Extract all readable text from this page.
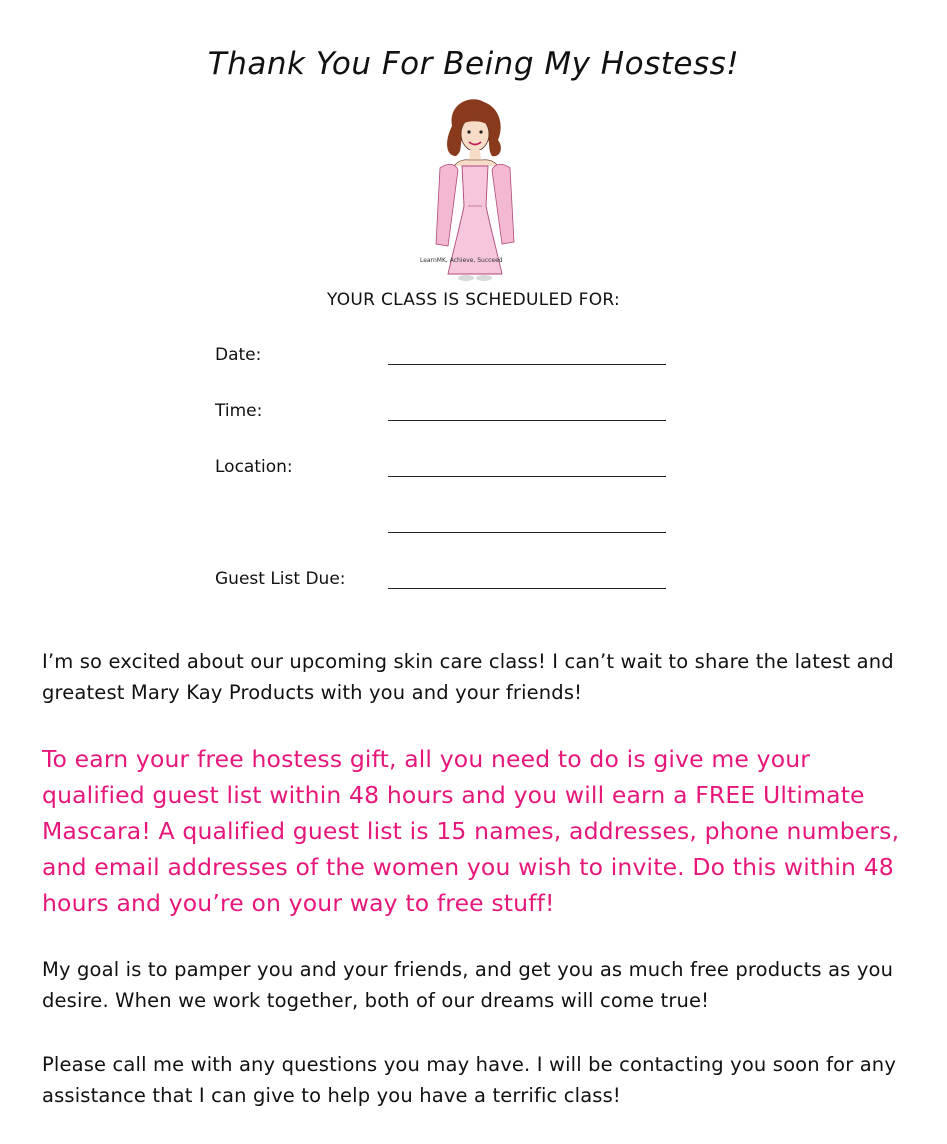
Thank You For Being My Hostess!
LearnMK, Achieve, Succeed
YOUR CLASS IS SCHEDULED FOR:
Date:
Time:
Location:
Guest List Due:
I’m so excited about our upcoming skin care class! I can’t wait to share the latest and greatest Mary Kay Products with you and your friends!
To earn your free hostess gift, all you need to do is give me your qualified guest list within 48 hours and you will earn a FREE Ultimate Mascara! A qualified guest list is 15 names, addresses, phone numbers, and email addresses of the women you wish to invite. Do this within 48 hours and you’re on your way to free stuff!
My goal is to pamper you and your friends, and get you as much free products as you desire. When we work together, both of our dreams will come true!
Please call me with any questions you may have. I will be contacting you soon for any assistance that I can give to help you have a terrific class!
